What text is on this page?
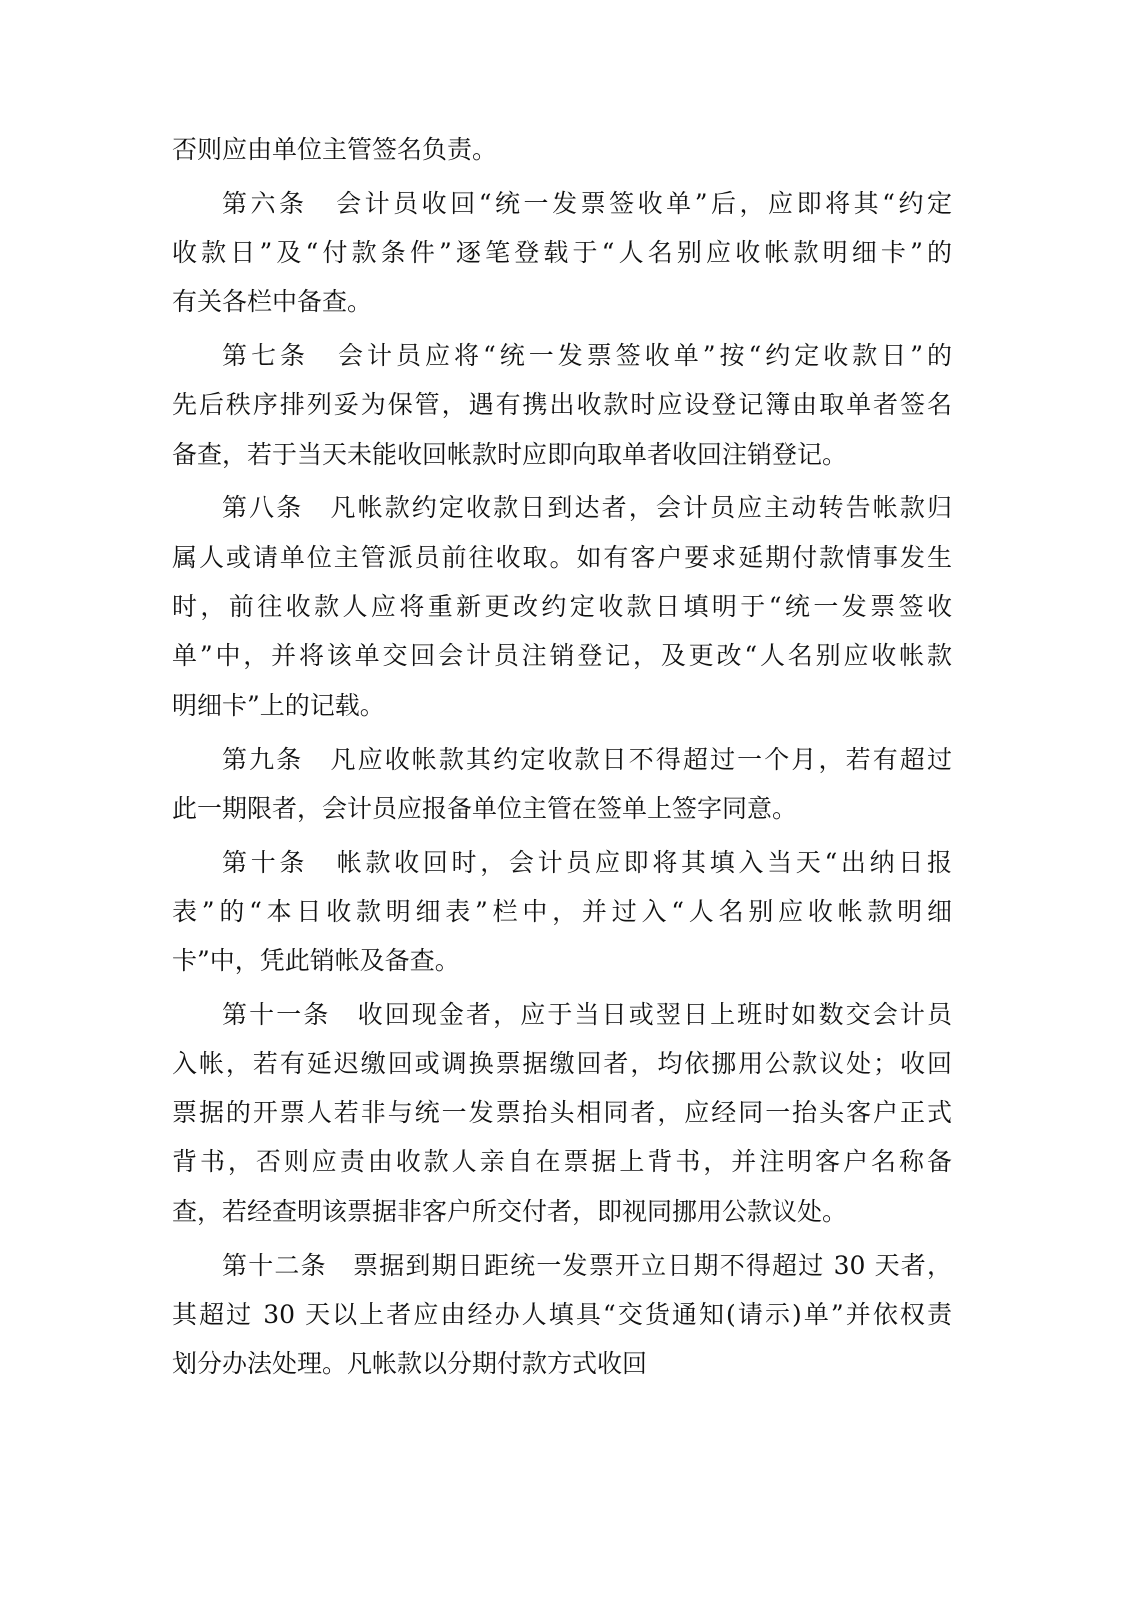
否则应由单位主管签名负责。
第六条　会计员收回“统一发票签收单”后，应即将其“约定
收款日”及“付款条件”逐笔登载于“人名别应收帐款明细卡”的
有关各栏中备查。
第七条　会计员应将“统一发票签收单”按“约定收款日”的
先后秩序排列妥为保管，遇有携出收款时应设登记簿由取单者签名
备查，若于当天未能收回帐款时应即向取单者收回注销登记。
第八条　凡帐款约定收款日到达者，会计员应主动转告帐款归
属人或请单位主管派员前往收取。如有客户要求延期付款情事发生
时，前往收款人应将重新更改约定收款日填明于“统一发票签收
单”中，并将该单交回会计员注销登记，及更改“人名别应收帐款
明细卡”上的记载。
第九条　凡应收帐款其约定收款日不得超过一个月，若有超过
此一期限者，会计员应报备单位主管在签单上签字同意。
第十条　帐款收回时，会计员应即将其填入当天“出纳日报
表”的“本日收款明细表”栏中，并过入“人名别应收帐款明细
卡”中，凭此销帐及备查。
第十一条　收回现金者，应于当日或翌日上班时如数交会计员
入帐，若有延迟缴回或调换票据缴回者，均依挪用公款议处；收回
票据的开票人若非与统一发票抬头相同者，应经同一抬头客户正式
背书，否则应责由收款人亲自在票据上背书，并注明客户名称备
查，若经查明该票据非客户所交付者，即视同挪用公款议处。
第十二条　票据到期日距统一发票开立日期不得超过 30 天者，
其超过 30 天以上者应由经办人填具“交货通知(请示)单”并依权责
划分办法处理。凡帐款以分期付款方式收回
